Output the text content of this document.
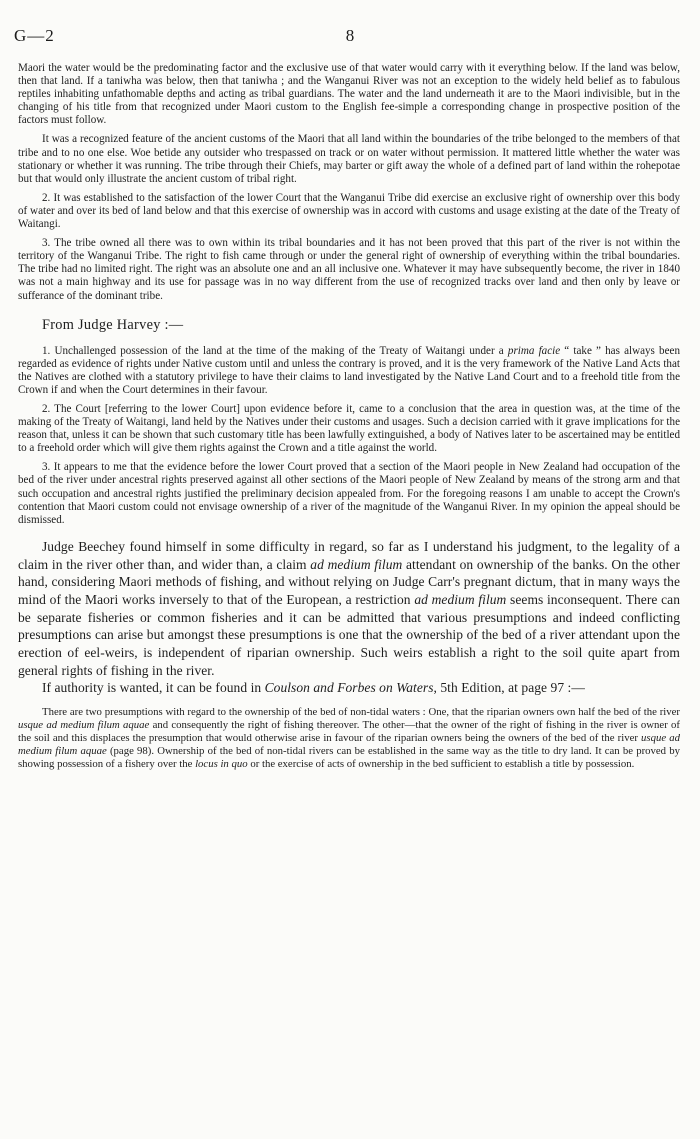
G—2	8

Maori the water would be the predominating factor and the exclusive use of that water would carry with it everything below. If the land was below, then that land. If a taniwha was below, then that taniwha ; and the Wanganui River was not an exception to the widely held belief as to fabulous reptiles inhabiting unfathomable depths and acting as tribal guardians. The water and the land underneath it are to the Maori indivisible, but in the changing of his title from that recognized under Maori custom to the English fee-simple a corresponding change in prospective position of the factors must follow.

It was a recognized feature of the ancient customs of the Maori that all land within the boundaries of the tribe belonged to the members of that tribe and to no one else. Woe betide any outsider who trespassed on track or on water without permission. It mattered little whether the water was stationary or whether it was running. The tribe through their Chiefs, may barter or gift away the whole of a defined part of land within the rohepotae but that would only illustrate the ancient custom of tribal right.

2. It was established to the satisfaction of the lower Court that the Wanganui Tribe did exercise an exclusive right of ownership over this body of water and over its bed of land below and that this exercise of ownership was in accord with customs and usage existing at the date of the Treaty of Waitangi.

3. The tribe owned all there was to own within its tribal boundaries and it has not been proved that this part of the river is not within the territory of the Wanganui Tribe. The right to fish came through or under the general right of ownership of everything within the tribal boundaries. The tribe had no limited right. The right was an absolute one and an all inclusive one. Whatever it may have subsequently become, the river in 1840 was not a main highway and its use for passage was in no way different from the use of recognized tracks over land and then only by leave or sufferance of the dominant tribe.

From Judge Harvey :—

1. Unchallenged possession of the land at the time of the making of the Treaty of Waitangi under a prima facie “ take ” has always been regarded as evidence of rights under Native custom until and unless the contrary is proved, and it is the very framework of the Native Land Acts that the Natives are clothed with a statutory privilege to have their claims to land investigated by the Native Land Court and to a freehold title from the Crown if and when the Court determines in their favour.

2. The Court [referring to the lower Court] upon evidence before it, came to a conclusion that the area in question was, at the time of the making of the Treaty of Waitangi, land held by the Natives under their customs and usages. Such a decision carried with it grave implications for the reason that, unless it can be shown that such customary title has been lawfully extinguished, a body of Natives later to be ascertained may be entitled to a freehold order which will give them rights against the Crown and a title against the world.

3. It appears to me that the evidence before the lower Court proved that a section of the Maori people in New Zealand had occupation of the bed of the river under ancestral rights preserved against all other sections of the Maori people of New Zealand by means of the strong arm and that such occupation and ancestral rights justified the preliminary decision appealed from. For the foregoing reasons I am unable to accept the Crown's contention that Maori custom could not envisage ownership of a river of the magnitude of the Wanganui River. In my opinion the appeal should be dismissed.

Judge Beechey found himself in some difficulty in regard, so far as I understand his judgment, to the legality of a claim in the river other than, and wider than, a claim ad medium filum attendant on ownership of the banks. On the other hand, considering Maori methods of fishing, and without relying on Judge Carr's pregnant dictum, that in many ways the mind of the Maori works inversely to that of the European, a restriction ad medium filum seems inconsequent. There can be separate fisheries or common fisheries and it can be admitted that various presumptions and indeed conflicting presumptions can arise but amongst these presumptions is one that the ownership of the bed of a river attendant upon the erection of eel-weirs, is independent of riparian ownership. Such weirs establish a right to the soil quite apart from general rights of fishing in the river.

If authority is wanted, it can be found in Coulson and Forbes on Waters, 5th Edition, at page 97 :—

There are two presumptions with regard to the ownership of the bed of non-tidal waters : One, that the riparian owners own half the bed of the river usque ad medium filum aquae and consequently the right of fishing thereover. The other—that the owner of the right of fishing in the river is owner of the soil and this displaces the presumption that would otherwise arise in favour of the riparian owners being the owners of the bed of the river usque ad medium filum aquae (page 98). Ownership of the bed of non-tidal rivers can be established in the same way as the title to dry land. It can be proved by showing possession of a fishery over the locus in quo or the exercise of acts of ownership in the bed sufficient to establish a title by possession.
